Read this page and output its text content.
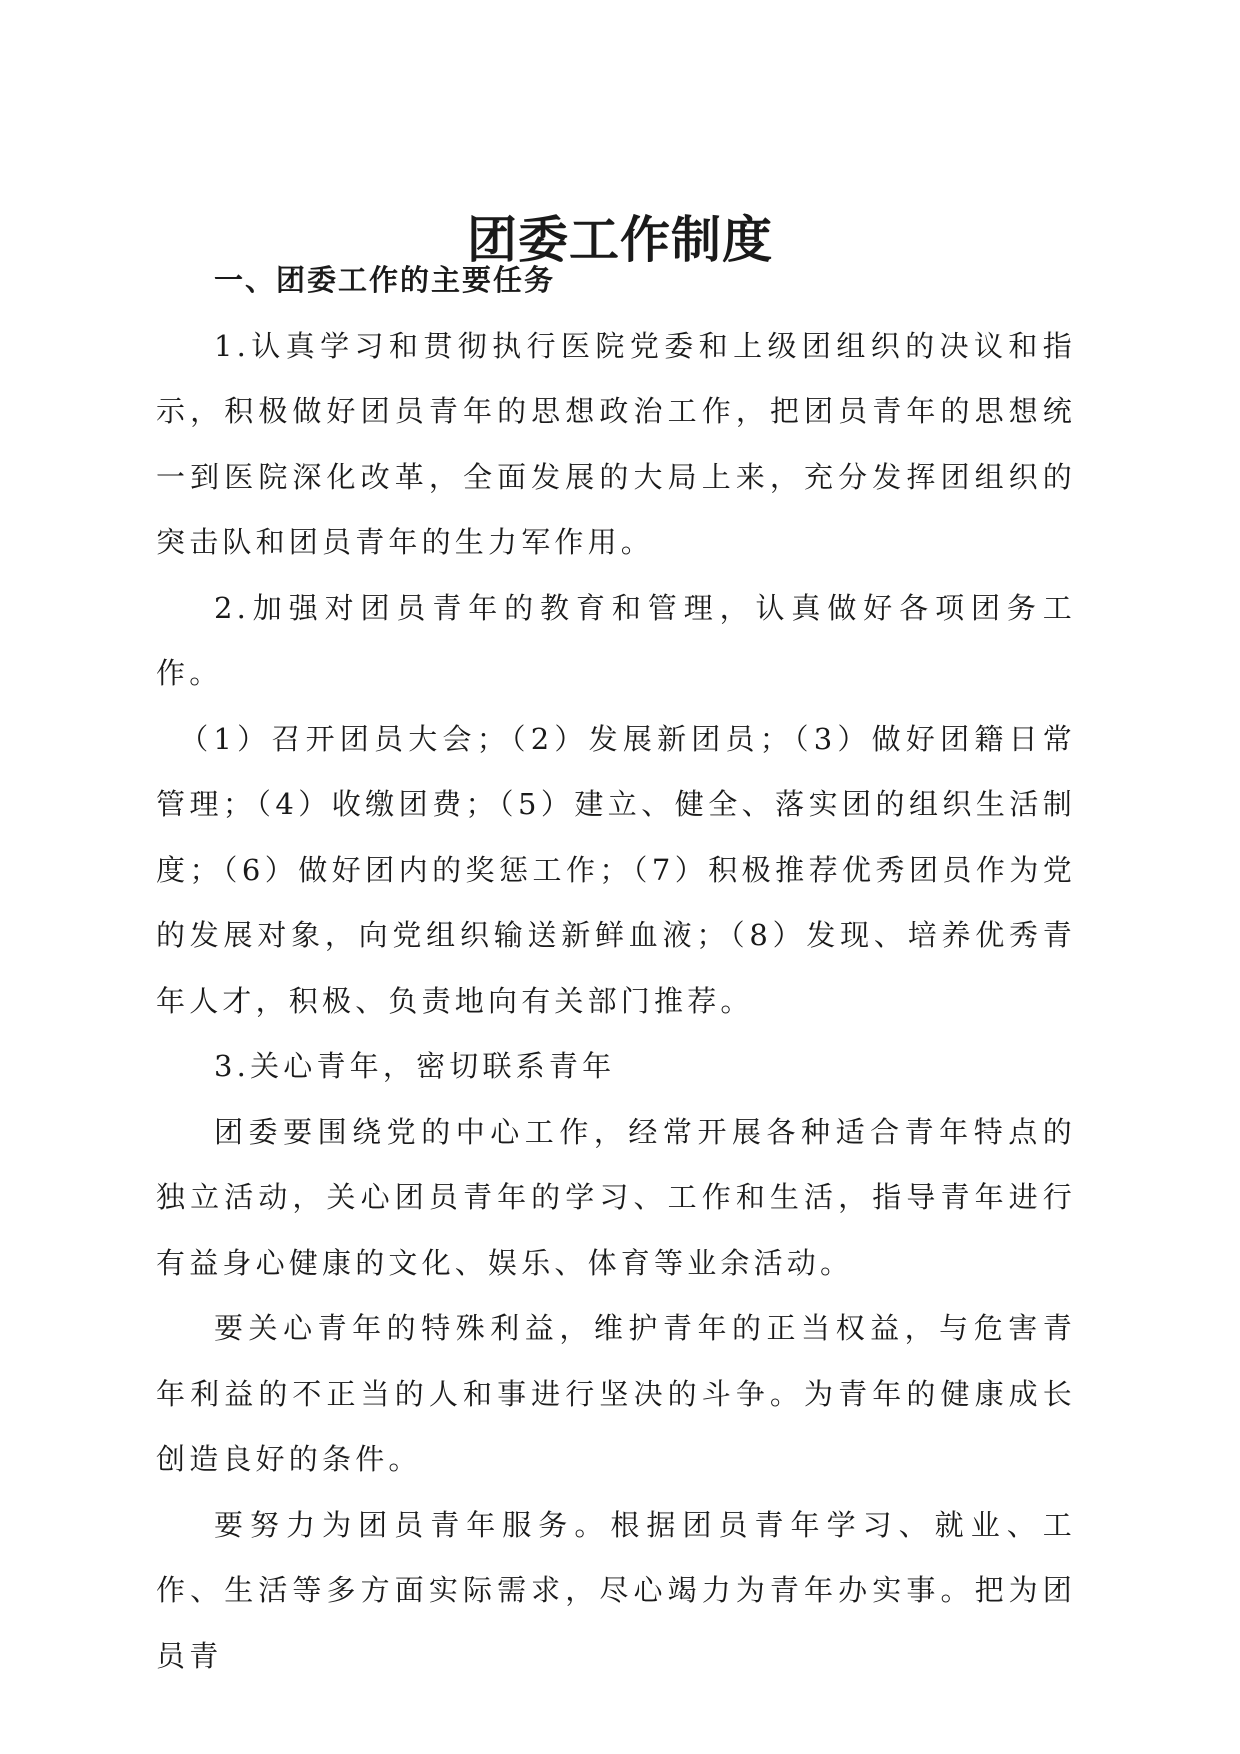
团委工作制度

一、团委工作的主要任务

1.认真学习和贯彻执行医院党委和上级团组织的决议和指示，积极做好团员青年的思想政治工作，把团员青年的思想统一到医院深化改革，全面发展的大局上来，充分发挥团组织的突击队和团员青年的生力军作用。

2.加强对团员青年的教育和管理，认真做好各项团务工作。

（1）召开团员大会；（2）发展新团员；（3）做好团籍日常管理；（4）收缴团费；（5）建立、健全、落实团的组织生活制度；（6）做好团内的奖惩工作；（7）积极推荐优秀团员作为党的发展对象，向党组织输送新鲜血液；（8）发现、培养优秀青年人才，积极、负责地向有关部门推荐。

3.关心青年，密切联系青年

团委要围绕党的中心工作，经常开展各种适合青年特点的独立活动，关心团员青年的学习、工作和生活，指导青年进行有益身心健康的文化、娱乐、体育等业余活动。

要关心青年的特殊利益，维护青年的正当权益，与危害青年利益的不正当的人和事进行坚决的斗争。为青年的健康成长创造良好的条件。

要努力为团员青年服务。根据团员青年学习、就业、工作、生活等多方面实际需求，尽心竭力为青年办实事。把为团员青
